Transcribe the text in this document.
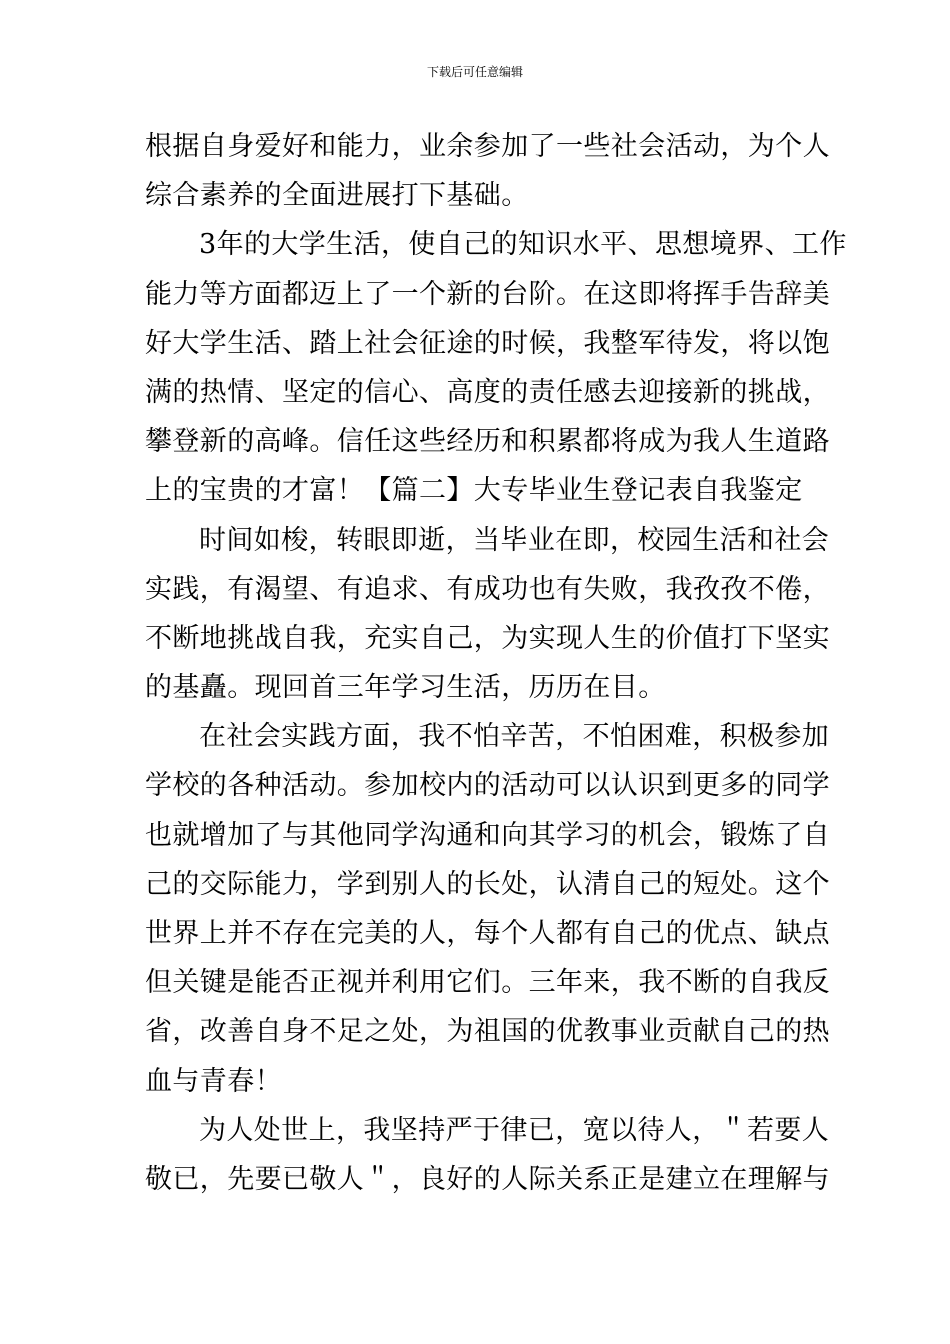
下载后可任意编辑
根据自身爱好和能力，业余参加了一些社会活动，为个人
综合素养的全面进展打下基础。
3年的大学生活，使自己的知识水平、思想境界、工作
能力等方面都迈上了一个新的台阶。在这即将挥手告辞美
好大学生活、踏上社会征途的时候，我整军待发，将以饱
满的热情、坚定的信心、高度的责任感去迎接新的挑战，
攀登新的高峰。信任这些经历和积累都将成为我人生道路
上的宝贵的才富！【篇二】大专毕业生登记表自我鉴定
时间如梭，转眼即逝，当毕业在即，校园生活和社会
实践，有渴望、有追求、有成功也有失败，我孜孜不倦，
不断地挑战自我，充实自己，为实现人生的价值打下坚实
的基矗。现回首三年学习生活，历历在目。
在社会实践方面，我不怕辛苦，不怕困难，积极参加
学校的各种活动。参加校内的活动可以认识到更多的同学
也就增加了与其他同学沟通和向其学习的机会，锻炼了自
己的交际能力，学到别人的长处，认清自己的短处。这个
世界上并不存在完美的人，每个人都有自己的优点、缺点
但关键是能否正视并利用它们。三年来，我不断的自我反
省，改善自身不足之处，为祖国的优教事业贡献自己的热
血与青春！
为人处世上，我坚持严于律已，宽以待人，＂若要人
敬已，先要已敬人＂，良好的人际关系正是建立在理解与
